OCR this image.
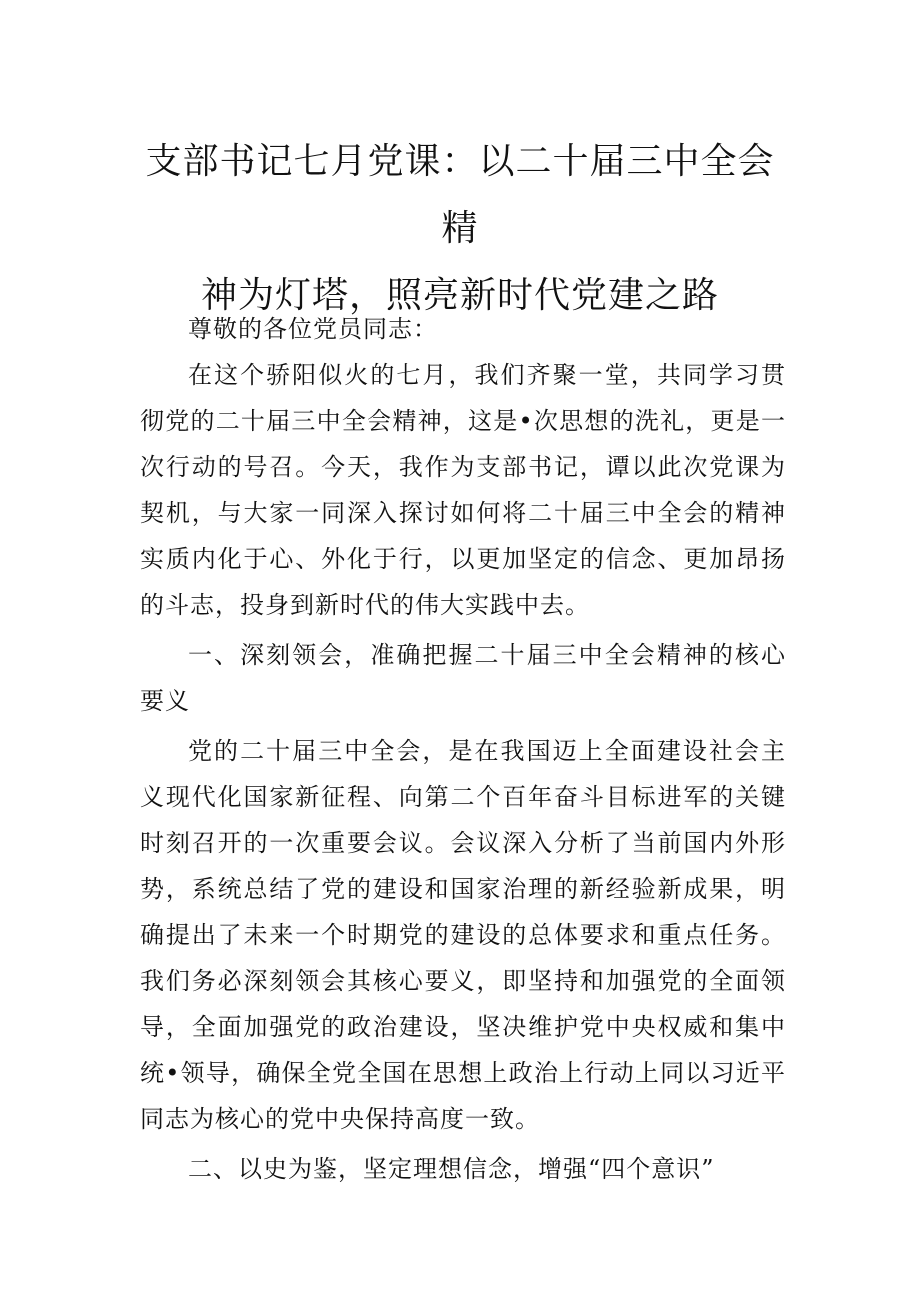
支部书记七月党课：以二十届三中全会精
神为灯塔，照亮新时代党建之路

尊敬的各位党员同志：

在这个骄阳似火的七月，我们齐聚一堂，共同学习贯彻党的二十届三中全会精神，这是•次思想的洗礼，更是一次行动的号召。今天，我作为支部书记，谭以此次党课为契机，与大家一同深入探讨如何将二十届三中全会的精神实质内化于心、外化于行，以更加坚定的信念、更加昂扬的斗志，投身到新时代的伟大实践中去。

一、深刻领会，准确把握二十届三中全会精神的核心要义

党的二十届三中全会，是在我国迈上全面建设社会主义现代化国家新征程、向第二个百年奋斗目标进军的关键时刻召开的一次重要会议。会议深入分析了当前国内外形势，系统总结了党的建设和国家治理的新经验新成果，明确提出了未来一个时期党的建设的总体要求和重点任务。我们务必深刻领会其核心要义，即坚持和加强党的全面领导，全面加强党的政治建设，坚决维护党中央权威和集中统•领导，确保全党全国在思想上政治上行动上同以习近平同志为核心的党中央保持高度一致。

二、以史为鉴，坚定理想信念，增强“四个意识”
